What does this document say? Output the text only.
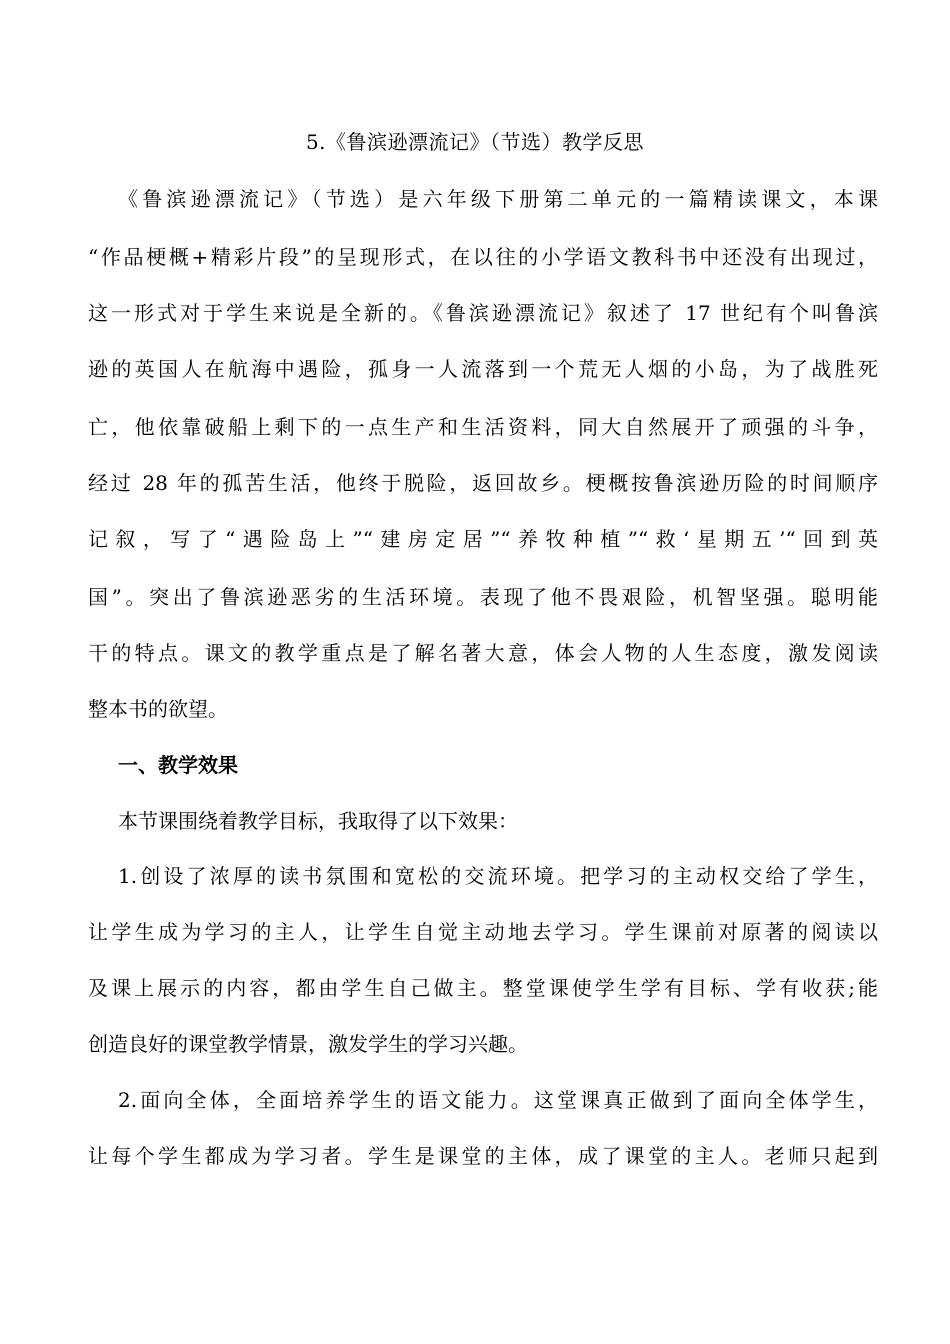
5.《鲁滨逊漂流记》（节选）教学反思
《鲁滨逊漂流记》（节选）是六年级下册第二单元的一篇精读课文，本课
“作品梗概+精彩片段”的呈现形式，在以往的小学语文教科书中还没有出现过，
这一形式对于学生来说是全新的。《鲁滨逊漂流记》叙述了 17 世纪有个叫鲁滨
逊的英国人在航海中遇险，孤身一人流落到一个荒无人烟的小岛，为了战胜死
亡，他依靠破船上剩下的一点生产和生活资料，同大自然展开了顽强的斗争，
经过 28 年的孤苦生活，他终于脱险，返回故乡。梗概按鲁滨逊历险的时间顺序
记叙，写了“遇险岛上”“建房定居”“养牧种植”“救‘星期五’“回到英
国”。突出了鲁滨逊恶劣的生活环境。表现了他不畏艰险，机智坚强。聪明能
干的特点。课文的教学重点是了解名著大意，体会人物的人生态度，激发阅读
整本书的欲望。
一、教学效果
本节课围绕着教学目标，我取得了以下效果：
1.创设了浓厚的读书氛围和宽松的交流环境。把学习的主动权交给了学生，
让学生成为学习的主人，让学生自觉主动地去学习。学生课前对原著的阅读以
及课上展示的内容，都由学生自己做主。整堂课使学生学有目标、学有收获;能
创造良好的课堂教学情景，激发学生的学习兴趣。
2.面向全体，全面培养学生的语文能力。这堂课真正做到了面向全体学生，
让每个学生都成为学习者。学生是课堂的主体，成了课堂的主人。老师只起到
